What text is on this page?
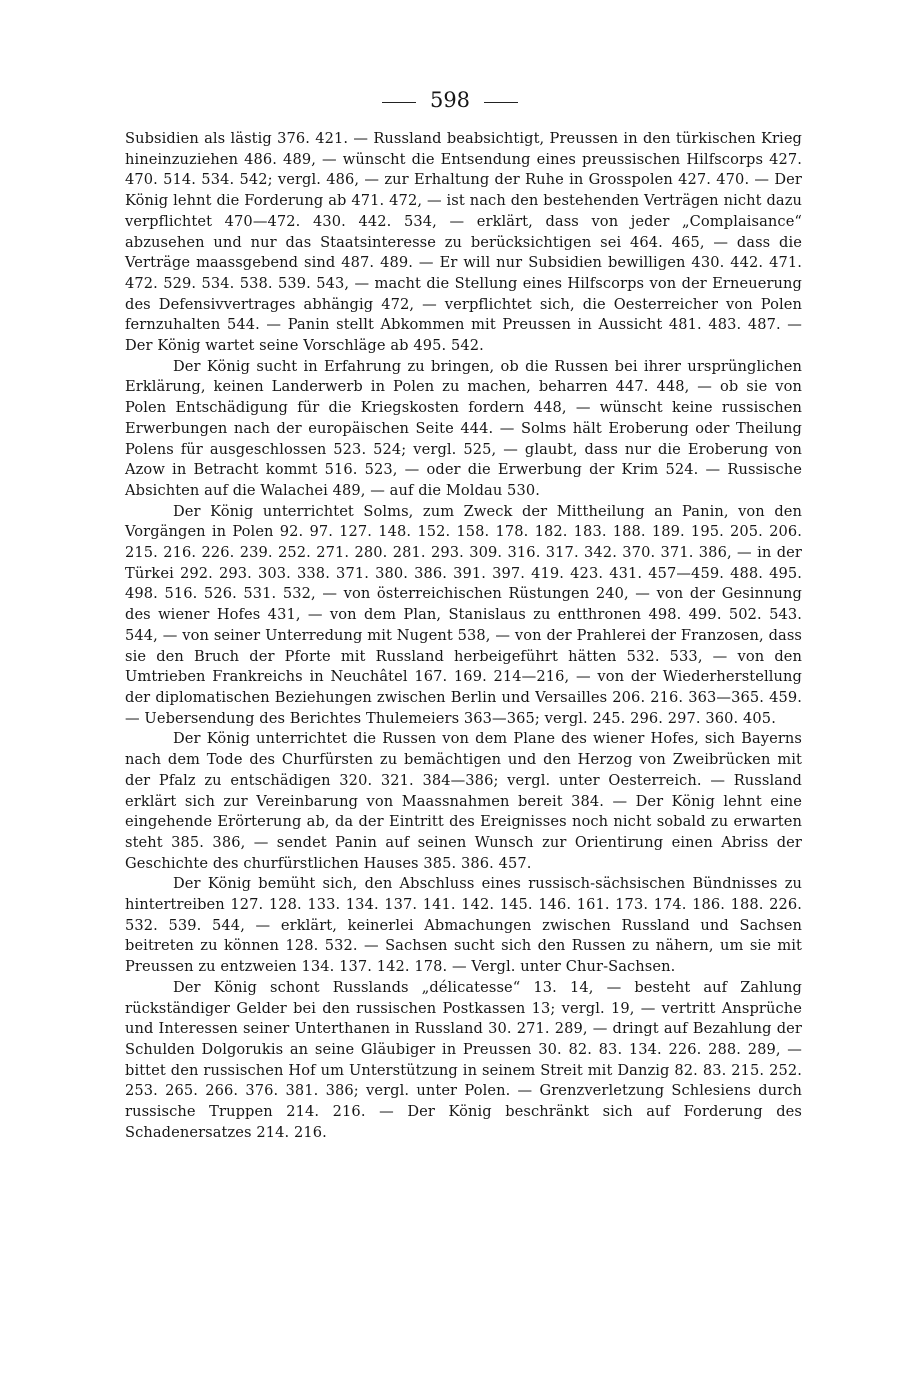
598

Subsidien als lästig 376. 421. — Russland beabsichtigt, Preussen in den türkischen Krieg hineinzuziehen 486. 489, — wünscht die Entsendung eines preussischen Hilfscorps 427. 470. 514. 534. 542; vergl. 486, — zur Erhaltung der Ruhe in Grosspolen 427. 470. — Der König lehnt die Forderung ab 471. 472, — ist nach den bestehenden Verträgen nicht dazu verpflichtet 470—472. 430. 442. 534, — erklärt, dass von jeder „Complaisance“ abzusehen und nur das Staatsinteresse zu berücksichtigen sei 464. 465, — dass die Verträge maassgebend sind 487. 489. — Er will nur Subsidien bewilligen 430. 442. 471. 472. 529. 534. 538. 539. 543, — macht die Stellung eines Hilfscorps von der Erneuerung des Defensivvertrages abhängig 472, — verpflichtet sich, die Oesterreicher von Polen fernzuhalten 544. — Panin stellt Abkommen mit Preussen in Aussicht 481. 483. 487. — Der König wartet seine Vorschläge ab 495. 542.

Der König sucht in Erfahrung zu bringen, ob die Russen bei ihrer ursprünglichen Erklärung, keinen Landerwerb in Polen zu machen, beharren 447. 448, — ob sie von Polen Entschädigung für die Kriegskosten fordern 448, — wünscht keine russischen Erwerbungen nach der europäischen Seite 444. — Solms hält Eroberung oder Theilung Polens für ausgeschlossen 523. 524; vergl. 525, — glaubt, dass nur die Eroberung von Azow in Betracht kommt 516. 523, — oder die Erwerbung der Krim 524. — Russische Absichten auf die Walachei 489, — auf die Moldau 530.

Der König unterrichtet Solms, zum Zweck der Mittheilung an Panin, von den Vorgängen in Polen 92. 97. 127. 148. 152. 158. 178. 182. 183. 188. 189. 195. 205. 206. 215. 216. 226. 239. 252. 271. 280. 281. 293. 309. 316. 317. 342. 370. 371. 386, — in der Türkei 292. 293. 303. 338. 371. 380. 386. 391. 397. 419. 423. 431. 457—459. 488. 495. 498. 516. 526. 531. 532, — von österreichischen Rüstungen 240, — von der Gesinnung des wiener Hofes 431, — von dem Plan, Stanislaus zu entthronen 498. 499. 502. 543. 544, — von seiner Unterredung mit Nugent 538, — von der Prahlerei der Franzosen, dass sie den Bruch der Pforte mit Russland herbeigeführt hätten 532. 533, — von den Umtrieben Frankreichs in Neuchâtel 167. 169. 214—216, — von der Wiederherstellung der diplomatischen Beziehungen zwischen Berlin und Versailles 206. 216. 363—365. 459. — Uebersendung des Berichtes Thulemeiers 363—365; vergl. 245. 296. 297. 360. 405.

Der König unterrichtet die Russen von dem Plane des wiener Hofes, sich Bayerns nach dem Tode des Churfürsten zu bemächtigen und den Herzog von Zweibrücken mit der Pfalz zu entschädigen 320. 321. 384—386; vergl. unter Oesterreich. — Russland erklärt sich zur Vereinbarung von Maassnahmen bereit 384. — Der König lehnt eine eingehende Erörterung ab, da der Eintritt des Ereignisses noch nicht sobald zu erwarten steht 385. 386, — sendet Panin auf seinen Wunsch zur Orientirung einen Abriss der Geschichte des churfürstlichen Hauses 385. 386. 457.

Der König bemüht sich, den Abschluss eines russisch-sächsischen Bündnisses zu hintertreiben 127. 128. 133. 134. 137. 141. 142. 145. 146. 161. 173. 174. 186. 188. 226. 532. 539. 544, — erklärt, keinerlei Abmachungen zwischen Russland und Sachsen beitreten zu können 128. 532. — Sachsen sucht sich den Russen zu nähern, um sie mit Preussen zu entzweien 134. 137. 142. 178. — Vergl. unter Chur-Sachsen.

Der König schont Russlands „délicatesse“ 13. 14, — besteht auf Zahlung rückständiger Gelder bei den russischen Postkassen 13; vergl. 19, — vertritt Ansprüche und Interessen seiner Unterthanen in Russland 30. 271. 289, — dringt auf Bezahlung der Schulden Dolgorukis an seine Gläubiger in Preussen 30. 82. 83. 134. 226. 288. 289, — bittet den russischen Hof um Unterstützung in seinem Streit mit Danzig 82. 83. 215. 252. 253. 265. 266. 376. 381. 386; vergl. unter Polen. — Grenzverletzung Schlesiens durch russische Truppen 214. 216. — Der König beschränkt sich auf Forderung des Schadenersatzes 214. 216.
